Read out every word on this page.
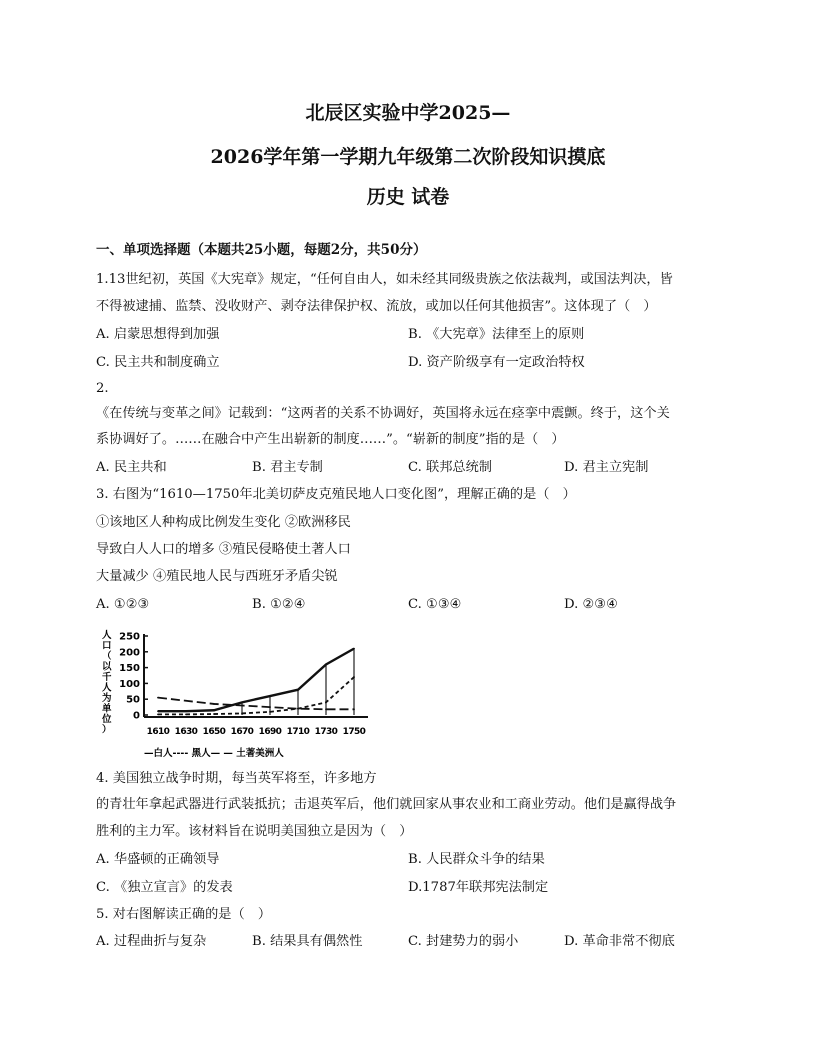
北辰区实验中学2025—
2026学年第一学期九年级第二次阶段知识摸底
历史 试卷
一、单项选择题（本题共25小题，每题2分，共50分）
1.13世纪初，英国《大宪章》规定，“任何自由人，如未经其同级贵族之依法裁判，或国法判决，皆
不得被逮捕、监禁、没收财产、剥夺法律保护权、流放，或加以任何其他损害”。这体现了（　）
A. 启蒙思想得到加强	B. 《大宪章》法律至上的原则
C. 民主共和制度确立	D. 资产阶级享有一定政治特权
2.
《在传统与变革之间》记载到：“这两者的关系不协调好，英国将永远在痉挛中震颤。终于，这个关
系协调好了。……在融合中产生出崭新的制度……”。“崭新的制度”指的是（　）
A. 民主共和	B. 君主专制	C. 联邦总统制	D. 君主立宪制
3. 右图为“1610—1750年北美切萨皮克殖民地人口变化图”，理解正确的是（　）
①该地区人种构成比例发生变化 ②欧洲移民
导致白人人口的增多 ③殖民侵略使土著人口
大量减少 ④殖民地人民与西班牙矛盾尖锐
A. ①②③	B. ①②④	C. ①③④	D. ②③④
人
口
（
以
千
人
为
单
位
）
0
50
100
150
200
250
1610 1630 1650 1670 1690 1710 1730 1750
—白人---- 黑人— — 土著美洲人
4. 美国独立战争时期，每当英军将至，许多地方
的青壮年拿起武器进行武装抵抗；击退英军后，他们就回家从事农业和工商业劳动。他们是赢得战争
胜利的主力军。该材料旨在说明美国独立是因为（　）
A. 华盛顿的正确领导	B. 人民群众斗争的结果
C. 《独立宣言》的发表	D.1787年联邦宪法制定
5. 对右图解读正确的是（　）
A. 过程曲折与复杂	B. 结果具有偶然性	C. 封建势力的弱小	D. 革命非常不彻底
